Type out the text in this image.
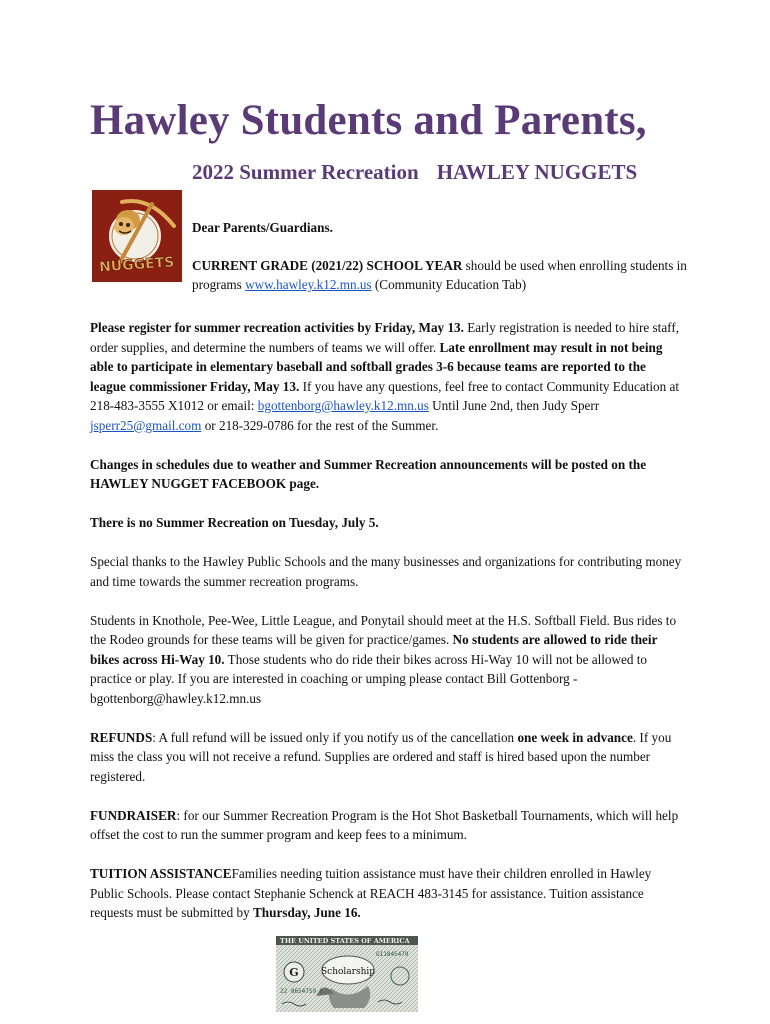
Hawley Students and Parents,
2022 Summer Recreation HAWLEY NUGGETS
NUGGETS

Dear Parents/Guardians.

CURRENT GRADE (2021/22) SCHOOL YEAR should be used when enrolling students in programs www.hawley.k12.mn.us (Community Education Tab)

Please register for summer recreation activities by Friday, May 13. Early registration is needed to hire staff, order supplies, and determine the numbers of teams we will offer. Late enrollment may result in not being able to participate in elementary baseball and softball grades 3-6 because teams are reported to the league commissioner Friday, May 13. If you have any questions, feel free to contact Community Education at 218-483-3555 X1012 or email: bgottenborg@hawley.k12.mn.us Until June 2nd, then Judy Sperr jsperr25@gmail.com or 218-329-0786 for the rest of the Summer.

Changes in schedules due to weather and Summer Recreation announcements will be posted on the HAWLEY NUGGET FACEBOOK page.

There is no Summer Recreation on Tuesday, July 5.

Special thanks to the Hawley Public Schools and the many businesses and organizations for contributing money and time towards the summer recreation programs.

Students in Knothole, Pee-Wee, Little League, and Ponytail should meet at the H.S. Softball Field. Bus rides to the Rodeo grounds for these teams will be given for practice/games. No students are allowed to ride their bikes across Hi-Way 10. Those students who do ride their bikes across Hi-Way 10 will not be allowed to practice or play. If you are interested in coaching or umping please contact Bill Gottenborg - bgottenborg@hawley.k12.mn.us

REFUNDS: A full refund will be issued only if you notify us of the cancellation one week in advance. If you miss the class you will not receive a refund. Supplies are ordered and staff is hired based upon the number registered.

FUNDRAISER: for our Summer Recreation Program is the Hot Shot Basketball Tournaments, which will help offset the cost to run the summer program and keep fees to a minimum.

TUITION ASSISTANCEFamilies needing tuition assistance must have their children enrolled in Hawley Public Schools. Please contact Stephanie Schenck at REACH 483-3145 for assistance. Tuition assistance requests must be submitted by Thursday, June 16.

THE UNITED STATES OF AMERICA
G11845479
G Scholarship
22 8654759 F
